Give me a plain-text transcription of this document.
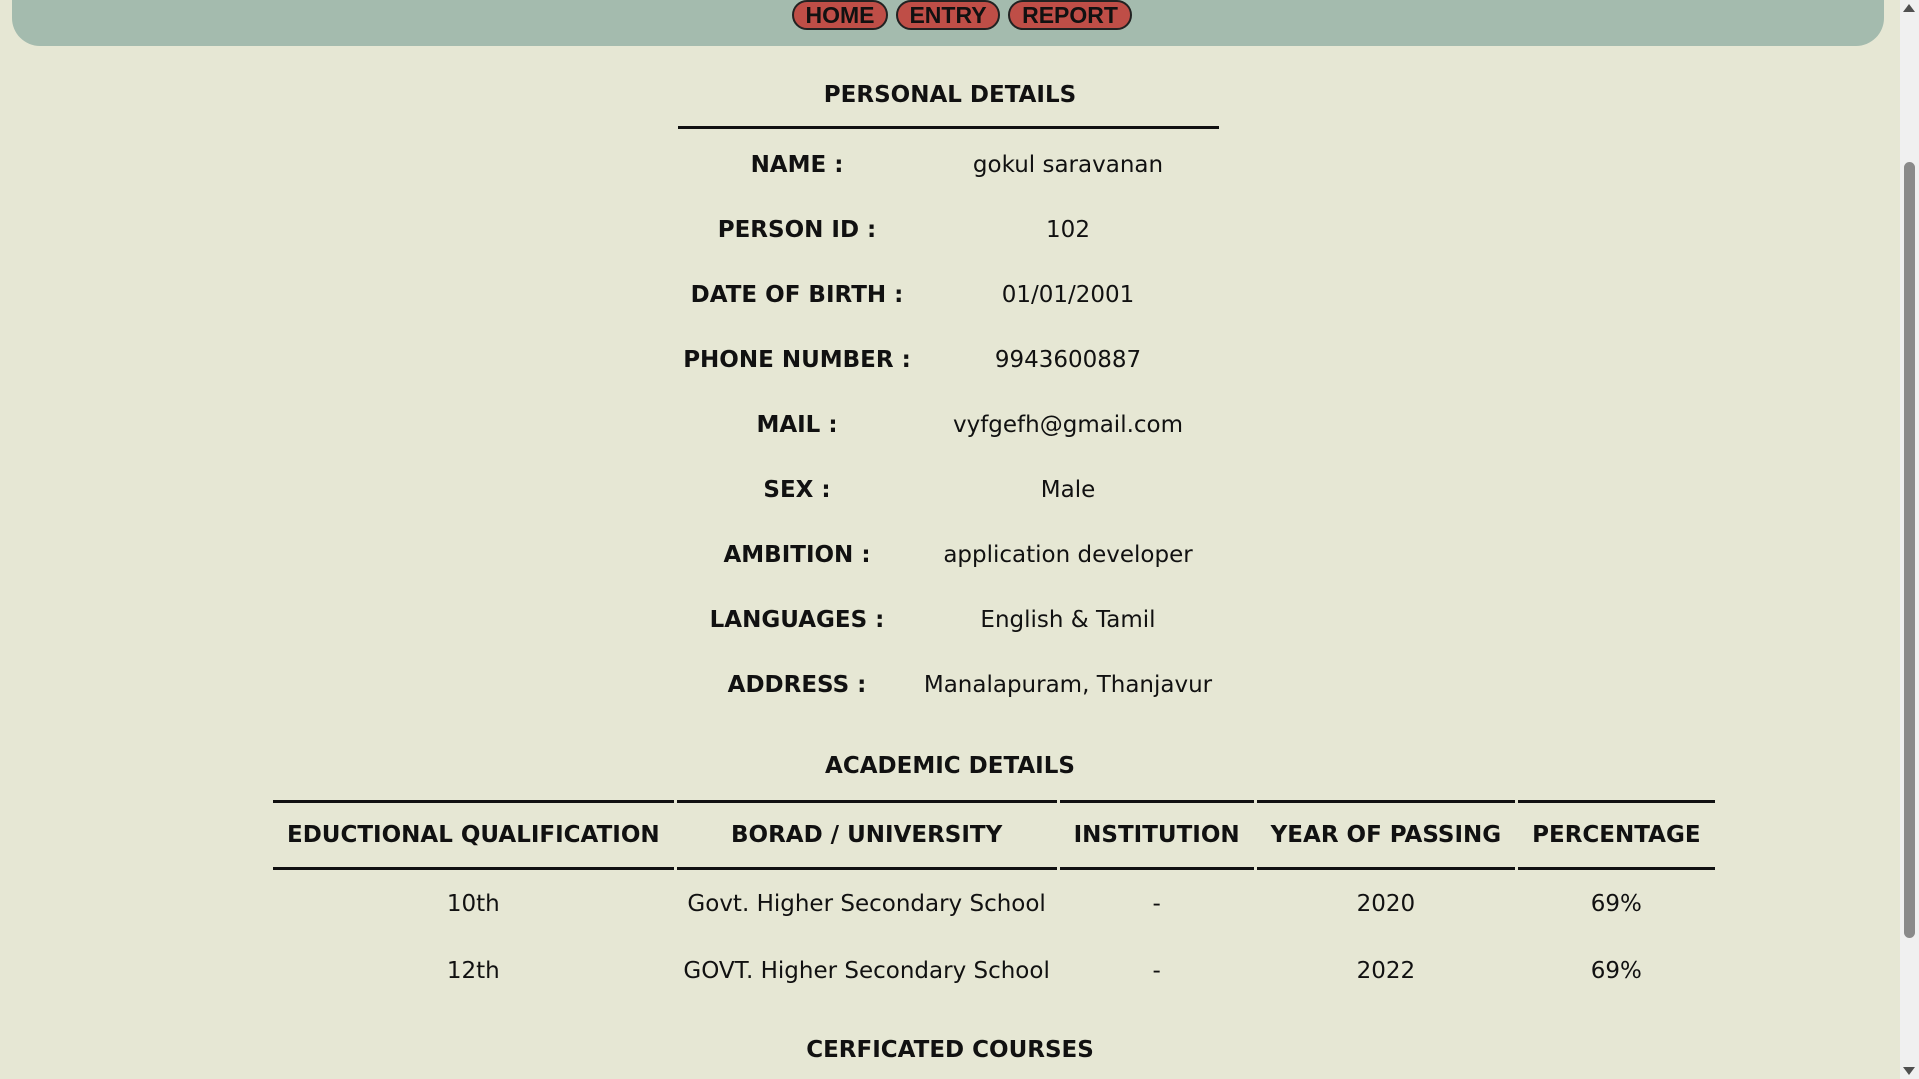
HOME	ENTRY	REPORT
PERSONAL DETAILS
NAME :	gokul saravanan
PERSON ID :	102
DATE OF BIRTH :	01/01/2001
PHONE NUMBER :	9943600887
MAIL :	vyfgefh@gmail.com
SEX :	Male
AMBITION :	application developer
LANGUAGES :	English & Tamil
ADDRESS :	Manalapuram, Thanjavur
ACADEMIC DETAILS
EDUCTIONAL QUALIFICATION	BORAD / UNIVERSITY	INSTITUTION	YEAR OF PASSING	PERCENTAGE
10th	Govt. Higher Secondary School	-	2020	69%
12th	GOVT. Higher Secondary School	-	2022	69%
CERFICATED COURSES
